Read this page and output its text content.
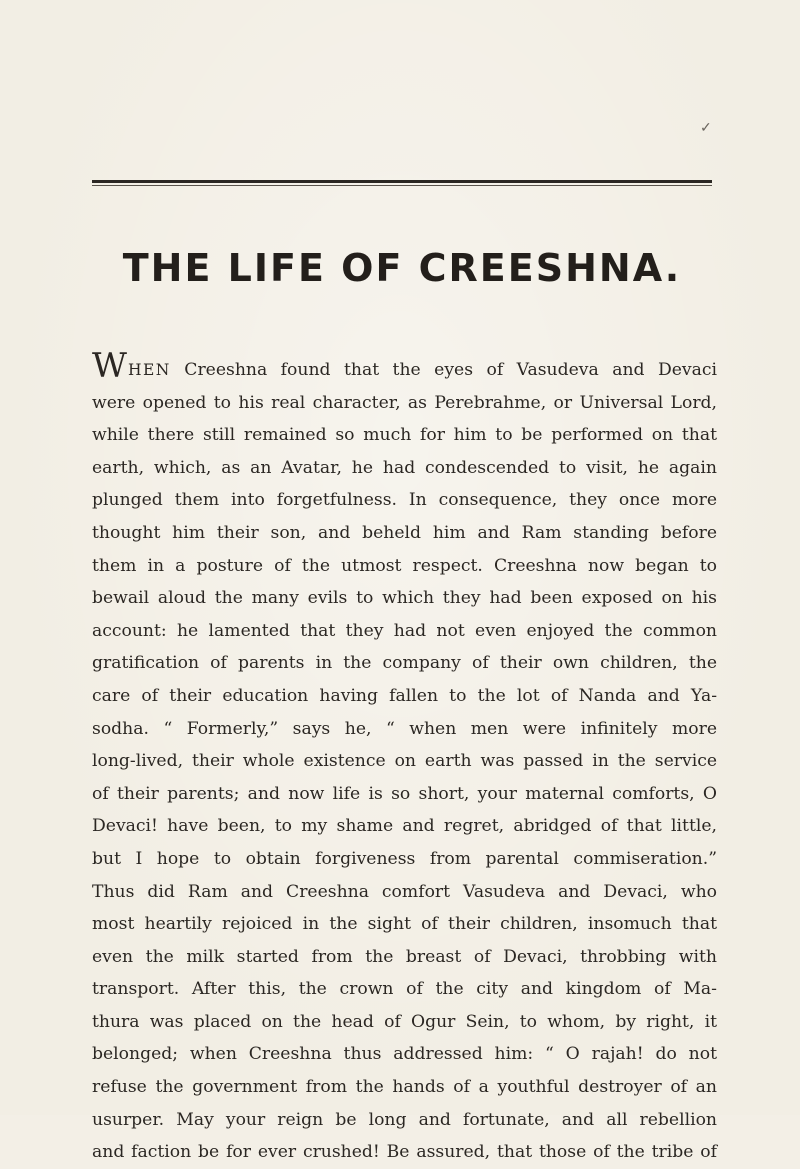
✓
THE LIFE OF CREESHNA.
WHEN Creeshna found that the eyes of Vasudeva and Devaci
were opened to his real character, as Perebrahme, or Universal Lord,
while there still remained so much for him to be performed on that
earth, which, as an Avatar, he had condescended to visit, he again
plunged them into forgetfulness. In consequence, they once more
thought him their son, and beheld him and Ram standing before
them in a posture of the utmost respect. Creeshna now began to
bewail aloud the many evils to which they had been exposed on his
account: he lamented that they had not even enjoyed the common
gratification of parents in the company of their own children, the
care of their education having fallen to the lot of Nanda and Ya-
sodha. “ Formerly,” says he, “ when men were infinitely more
long-lived, their whole existence on earth was passed in the service
of their parents; and now life is so short, your maternal comforts, O
Devaci! have been, to my shame and regret, abridged of that little,
but I hope to obtain forgiveness from parental commiseration.”
Thus did Ram and Creeshna comfort Vasudeva and Devaci, who
most heartily rejoiced in the sight of their children, insomuch that
even the milk started from the breast of Devaci, throbbing with
transport. After this, the crown of the city and kingdom of Ma-
thura was placed on the head of Ogur Sein, to whom, by right, it
belonged; when Creeshna thus addressed him: “ O rajah! do not
refuse the government from the hands of a youthful destroyer of an
usurper. May your reign be long and fortunate, and all rebellion
and faction be for ever crushed! Be assured, that those of the tribe of
